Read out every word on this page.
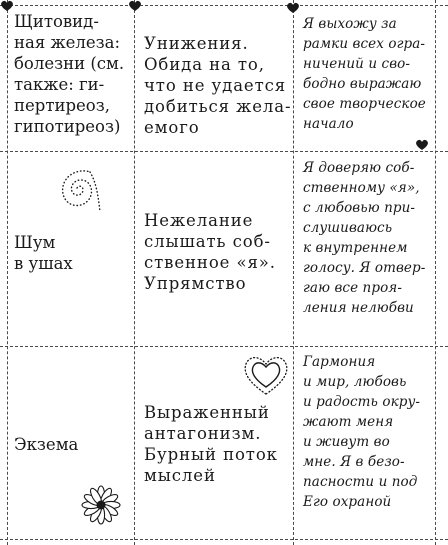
Щитовид-
ная железа:
болезни (см.
также: ги-
пертиреоз,
гипотиреоз)
Унижения.
Обида на то,
что не удается
добиться жела-
емого
Я выхожу за
рамки всех огра-
ничений и сво-
бодно выражаю
свое творческое
начало
Шум
в ушах
Нежелание
слышать соб-
ственное «я».
Упрямство
Я доверяю соб-
ственному «я»,
с любовью при-
слушиваюсь
к внутреннем
голосу. Я отвер-
гаю все проя-
ления нелюбви
Экзема
Выраженный
антагонизм.
Бурный поток
мыслей
Гармония
и мир, любовь
и радость окру-
жают меня
и живут во
мне. Я в безо-
пасности и под
Его охраной
